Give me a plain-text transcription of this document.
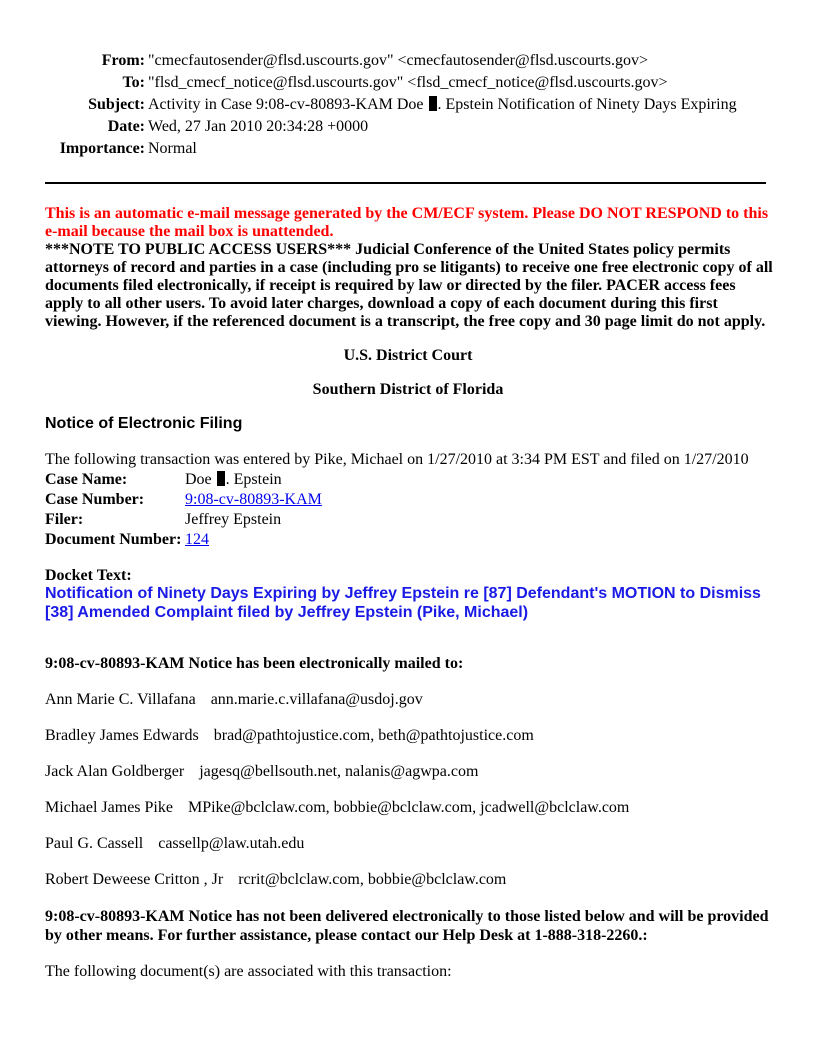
From: "cmecfautosender@flsd.uscourts.gov" <cmecfautosender@flsd.uscourts.gov>
To: "flsd_cmecf_notice@flsd.uscourts.gov" <flsd_cmecf_notice@flsd.uscourts.gov>
Subject: Activity in Case 9:08-cv-80893-KAM Doe . Epstein Notification of Ninety Days Expiring
Date: Wed, 27 Jan 2010 20:34:28 +0000
Importance: Normal
This is an automatic e-mail message generated by the CM/ECF system. Please DO NOT RESPOND to this e-mail because the mail box is unattended.
***NOTE TO PUBLIC ACCESS USERS*** Judicial Conference of the United States policy permits attorneys of record and parties in a case (including pro se litigants) to receive one free electronic copy of all documents filed electronically, if receipt is required by law or directed by the filer. PACER access fees apply to all other users. To avoid later charges, download a copy of each document during this first viewing. However, if the referenced document is a transcript, the free copy and 30 page limit do not apply.
U.S. District Court
Southern District of Florida
Notice of Electronic Filing
The following transaction was entered by Pike, Michael on 1/27/2010 at 3:34 PM EST and filed on 1/27/2010
Case Name:	Doe . Epstein
Case Number:	9:08-cv-80893-KAM
Filer:	Jeffrey Epstein
Document Number: 124
Docket Text:
Notification of Ninety Days Expiring by Jeffrey Epstein re [87] Defendant's MOTION to Dismiss [38] Amended Complaint filed by Jeffrey Epstein (Pike, Michael)
9:08-cv-80893-KAM Notice has been electronically mailed to:
Ann Marie C. Villafana ann.marie.c.villafana@usdoj.gov
Bradley James Edwards brad@pathtojustice.com, beth@pathtojustice.com
Jack Alan Goldberger jagesq@bellsouth.net, nalanis@agwpa.com
Michael James Pike MPike@bclclaw.com, bobbie@bclclaw.com, jcadwell@bclclaw.com
Paul G. Cassell cassellp@law.utah.edu
Robert Deweese Critton , Jr rcrit@bclclaw.com, bobbie@bclclaw.com
9:08-cv-80893-KAM Notice has not been delivered electronically to those listed below and will be provided by other means. For further assistance, please contact our Help Desk at 1-888-318-2260.:
The following document(s) are associated with this transaction:
